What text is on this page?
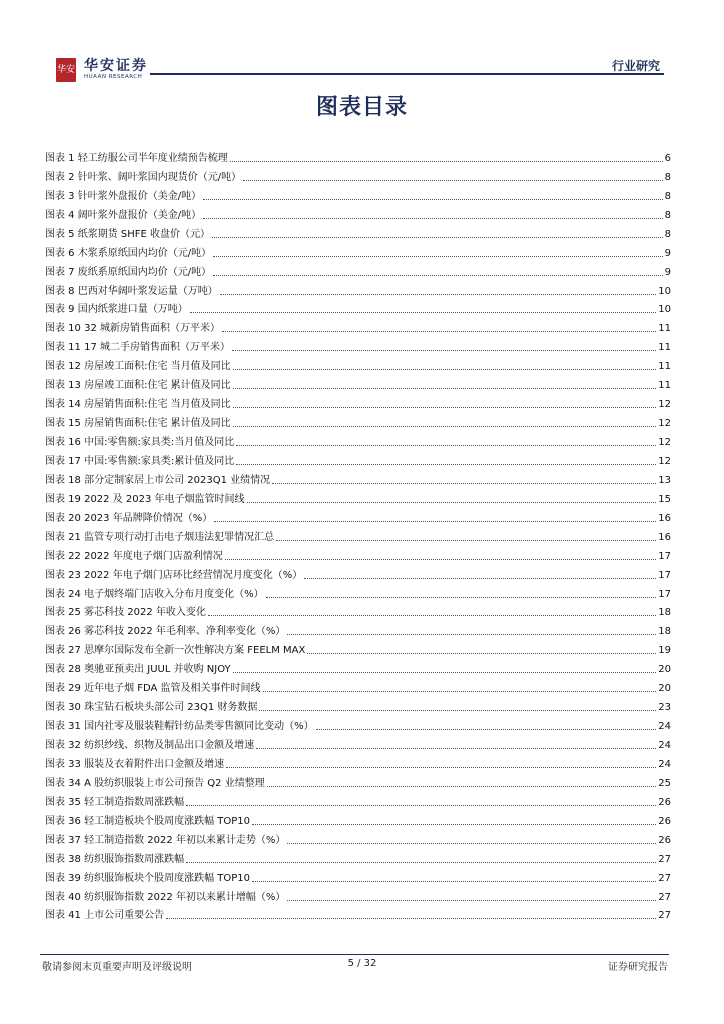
华安 华安证券
HUAAN RESEARCH
行业研究
图表目录
图表 1 轻工纺服公司半年度业绩预告梳理	6
图表 2 针叶浆、阔叶浆国内现货价（元/吨）	8
图表 3 针叶浆外盘报价（美金/吨）	8
图表 4 阔叶浆外盘报价（美金/吨）	8
图表 5 纸浆期货 SHFE 收盘价（元）	8
图表 6 木浆系原纸国内均价（元/吨）	9
图表 7 废纸系原纸国内均价（元/吨）	9
图表 8 巴西对华阔叶浆发运量（万吨）	10
图表 9 国内纸浆进口量（万吨）	10
图表 10 32 城新房销售面积（万平米）	11
图表 11 17 城二手房销售面积（万平米）	11
图表 12 房屋竣工面积:住宅 当月值及同比	11
图表 13 房屋竣工面积:住宅 累计值及同比	11
图表 14 房屋销售面积:住宅 当月值及同比	12
图表 15 房屋销售面积:住宅 累计值及同比	12
图表 16 中国:零售额:家具类:当月值及同比	12
图表 17 中国:零售额:家具类:累计值及同比	12
图表 18 部分定制家居上市公司 2023Q1 业绩情况	13
图表 19 2022 及 2023 年电子烟监管时间线	15
图表 20 2023 年品牌降价情况（%）	16
图表 21 监管专项行动打击电子烟违法犯罪情况汇总	16
图表 22 2022 年度电子烟门店盈利情况	17
图表 23 2022 年电子烟门店环比经营情况月度变化（%）	17
图表 24 电子烟终端门店收入分布月度变化（%）	17
图表 25 雾芯科技 2022 年收入变化	18
图表 26 雾芯科技 2022 年毛利率、净利率变化（%）	18
图表 27 思摩尔国际发布全新一次性解决方案 FEELM MAX	19
图表 28 奥驰亚预卖出 JUUL 并收购 NJOY	20
图表 29 近年电子烟 FDA 监管及相关事件时间线	20
图表 30 珠宝钻石板块头部公司 23Q1 财务数据	23
图表 31 国内社零及服装鞋帽针纺品类零售额同比变动（%）	24
图表 32 纺织纱线、织物及制品出口金额及增速	24
图表 33 服装及衣着附件出口金额及增速	24
图表 34 A 股纺织服装上市公司预告 Q2 业绩整理	25
图表 35 轻工制造指数周涨跌幅	26
图表 36 轻工制造板块个股周度涨跌幅 TOP10	26
图表 37 轻工制造指数 2022 年初以来累计走势（%）	26
图表 38 纺织服饰指数周涨跌幅	27
图表 39 纺织服饰板块个股周度涨跌幅 TOP10	27
图表 40 纺织服饰指数 2022 年初以来累计增幅（%）	27
图表 41 上市公司重要公告	27
敬请参阅末页重要声明及评级说明	5 / 32	证券研究报告
